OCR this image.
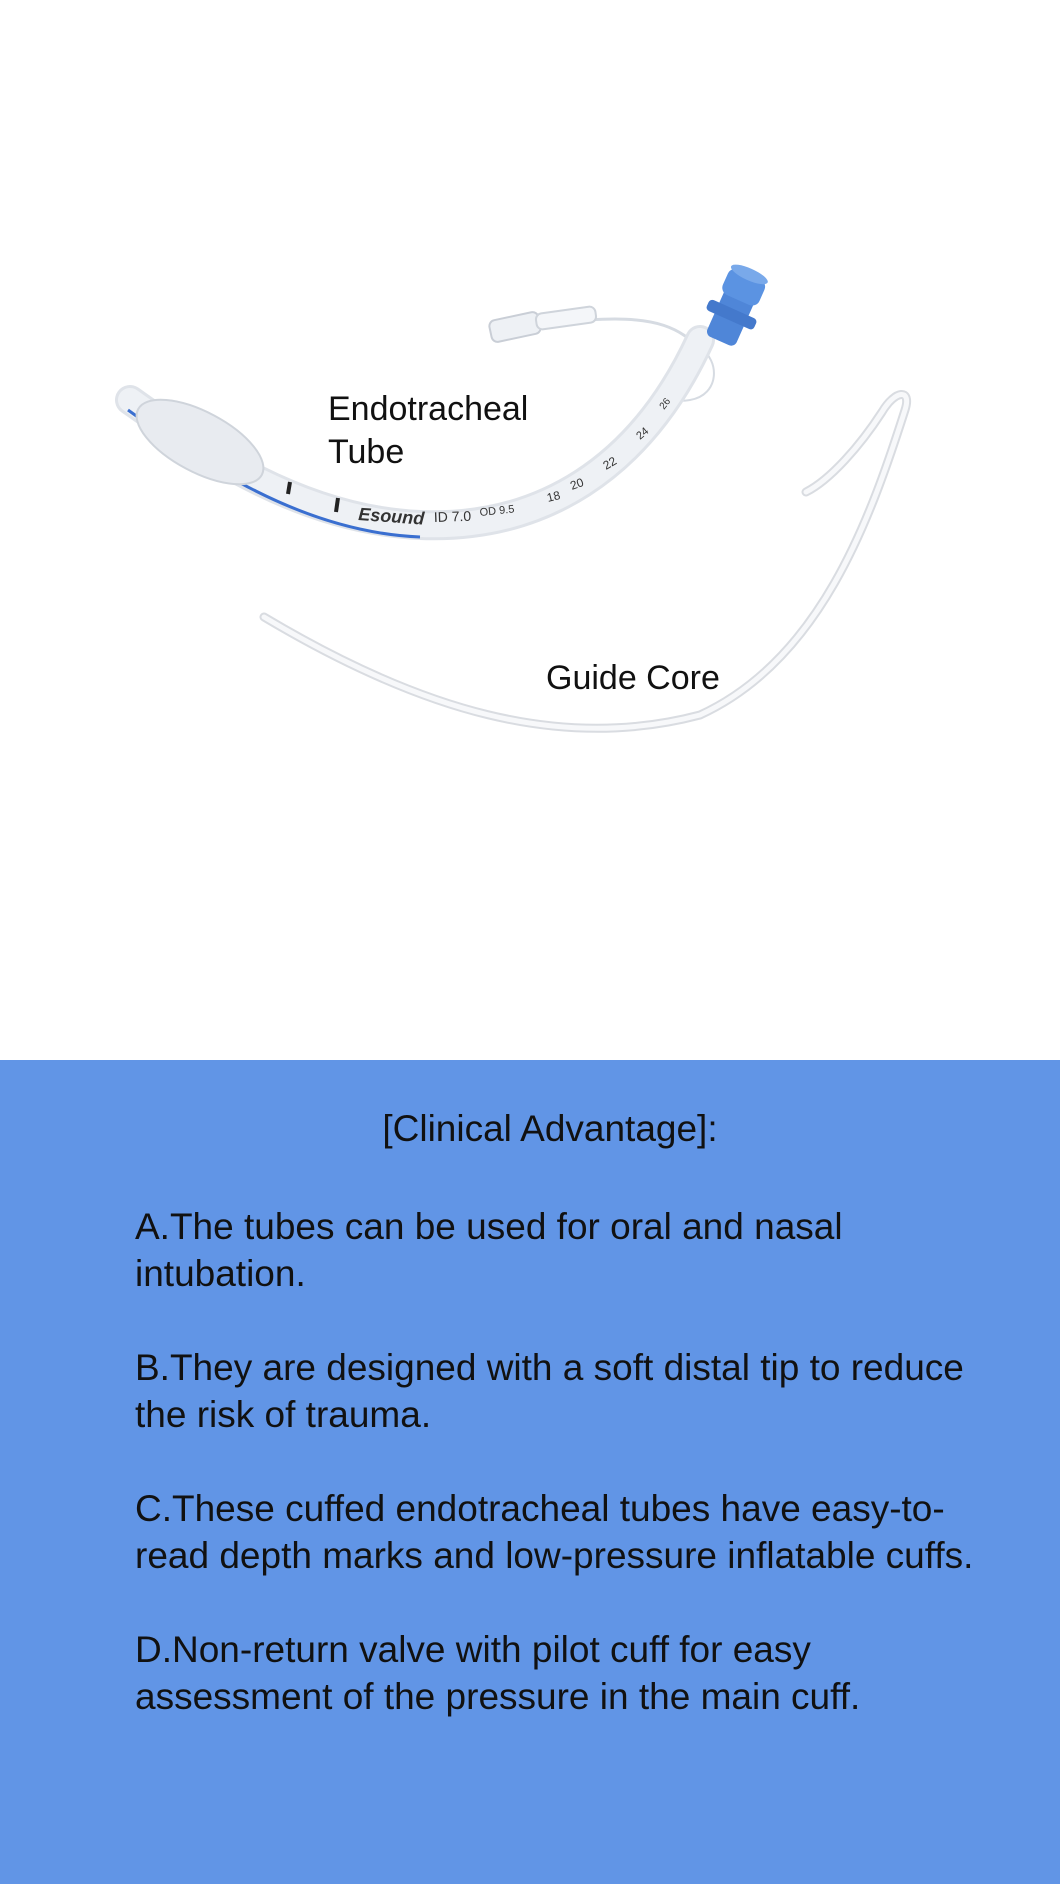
Esound ID 7.0 OD 9.5
18
20
22
24
26
Endotracheal
Tube
Guide Core
[Clinical Advantage]:
A.The tubes can be used for oral and nasal intubation.
B.They are designed with a soft distal tip to reduce the risk of trauma.
C.These cuffed endotracheal tubes have easy-to-read depth marks and low-pressure inflatable cuffs.
D.Non-return valve with pilot cuff for easy assessment of the pressure in the main cuff.
